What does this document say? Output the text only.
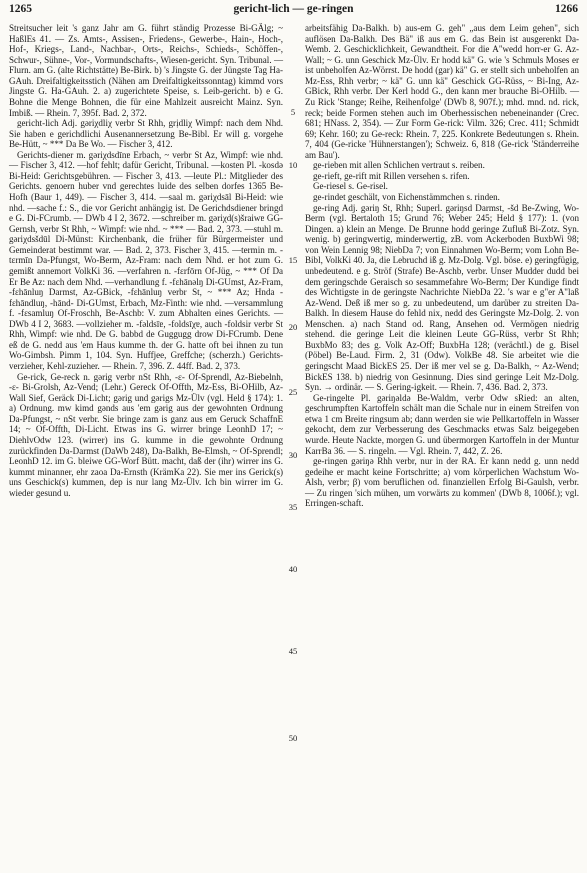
1265	gericht-lich — ge-ringen	1266

Streitsucher leit 's ganz Jahr am G. führt ständig Prozesse Bi-GÄlg; ~ HaßlEs 41. — Zs. Amts-, Assisen-, Friedens-, Gewerbe-, Hain-, Hoch-, Hof-, Kriegs-, Land-, Nachbar-, Orts-, Reichs-, Schieds-, Schöffen-, Schwur-, Sühne-, Vor-, Vormundschafts-, Wiesen-gericht. Syn. Tribunal. — Flurn. am G. (alte Richtstätte) Be-Birk. b) 's Jingste G. der Jüngste Tag Ha-GAuh. Dreifaltigkeitsstich (Nähen am Dreifaltigkeitssonntag) kimmd vors Jingste G. Ha-GAuh. 2. a) zugerichtete Speise, s. Leib-gericht. b) e G. Bohne die Menge Bohnen, die für eine Mahlzeit ausreicht Mainz. Syn. Imbiß. — Rhein. 7, 395f. Bad. 2, 372.

gericht-lich Adj. gəriχdliχ verbr St Rhh, grịdliχ Wimpf: nach dem Nhd. Sie haben e gerichdlichi Ausenannersetzung Be-Bibl. Er will g. vorgehe Be-Hütt, ~ *** Da Be Wo. — Fischer 3, 412.

Gerichts-diener m. gəriχdsdīnɐ Erbach, ~ verbr St Az, Wimpf: wie nhd. — Fischer 3, 412. —hof fehlt; dafür Gericht, Tribunal. —kosten Pl. -kosdə Bi-Heid: Gerichtsgebühren. — Fischer 3, 413. —leute Pl.: Mitglieder des Gerichts. genoern huber vnd gerechtes luide des selben dorfes 1365 Be-Hofh (Baur 1, 449). — Fischer 3, 414. —saal m. gəriχdsāl Bi-Heid: wie nhd. —sache f.: S., die vor Gericht anhängig ist. De Gerichdsdiener bringd e G. Di-FCrumb. — DWb 4 I 2, 3672. —schreiber m. gəriχd(s)šraiwɐ GG-Gernsh, verbr St Rhh, ~ Wimpf: wie nhd. ~ *** — Bad. 2, 373. —stuhl m. gəriχdsšdūl Di-Münst: Kirchenbank, die früher für Bürgermeister und Gemeinderat bestimmt war. — Bad. 2, 373. Fischer 3, 415. —termin m. -tεrmīn Da-Pfungst, Wo-Berm, Az-Fram: nach dem Nhd. er hot zum G. gemißt annemort VolkKi 36. —verfahren n. -fεrfōrn Of-Jüg, ~ *** Of Da Er Be Az: nach dem Nhd. —verhandlung f. -fεhānəlŋ Di-GUmst, Az-Fram, -fεhānluŋ Darmst, Az-GBick, -fεhānluŋ verbr St, ~ *** Az; Hnda -fεhāndluŋ, -hānd- Di-GUmst, Erbach, Mz-Finth: wie nhd. —versammlung f. -fεsamluŋ Of-Froschh, Be-Aschb: V. zum Abhalten eines Gerichts. — DWb 4 I 2, 3683. —vollzieher m. -fəldsīɐ, -foldsīχɐ, auch -foldsir verbr St Rhh, Wimpf: wie nhd. De G. babbd de Guggugg drow Di-FCrumb. Dene eß de G. nedd aus 'em Haus kumme th. der G. hatte oft bei ihnen zu tun Wo-Gimbsh. Pimm 1, 104. Syn. Huffjee, Greffche; (scherzh.) Gerichts-verzieher, Kehl-zuzieher. — Rhein. 7, 396. Z. 44ff. Bad. 2, 373.

Ge-rick, Ge-reck n. gərig verbr nSt Rhh, -ε- Of-Sprendl, Az-Biebelnh, -ε- Bi-Grolsh, Az-Vend; (Lehr.) Gereck Of-Offth, Mz-Ess, Bi-OHilb, Az-Wall Sief, Geräck Di-Licht; gərig und gərigs Mz-Ülv (vgl. Held § 174): 1. a) Ordnung. mw kimd gənds aus 'em gərig aus der gewohnten Ordnung Da-Pfungst, ~ nSt verbr. Sie bringe zam is ganz aus em Geruck SchaffnE 14; ~ Of-Offth, Di-Licht. Etwas ins G. wirrer bringe LeonhD 17; ~ DiehlvOdw 123. (wirrer) ins G. kumme in die gewohnte Ordnung zurückfinden Da-Darmst (DaWb 248), Da-Balkh, Be-Elmsh, ~ Of-Sprendl; LeonhD 12. im G. bleiwe GG-Worf Bütt. macht, daß der (ihr) wirrer ins G. kummt minanner, ehr zaoa Da-Ernsth (KrämKa 22). Sie mer ins Gerick(s) uns Geschick(s) kummen, dep is nur lang Mz-Ülv. Ich bin wirrer im G. wieder gesund u.

5
10
15
20
25
30
35
40
45
50

arbeitsfähig Da-Balkh. b) aus-em G. geh" „aus dem Leim gehen", sich auflösen Da-Balkh. Des Bä" iß aus em G. das Bein ist ausgerenkt Da-Wemb. 2. Geschicklichkeit, Gewandtheit. For die A"wedd horr-er G. Az-Wall; ~ G. unn Geschick Mz-Ülv. Er hodd kä" G. wie 's Schmuls Moses er ist unbeholfen Az-Wörrst. De hodd (gar) kä" G. er stellt sich unbeholfen an Mz-Ess, Rhh verbr; ~ kä" G. unn kä" Geschick GG-Rüss, ~ Bi-Ing, Az-GBick, Rhh verbr. Der Kerl hodd G., den kann mer brauche Bi-OHilb. — Zu Rick 'Stange; Reihe, Reihenfolge' (DWb 8, 907f.); mhd. mnd. nd. rick, reck; beide Formen stehen auch im Oberhessischen nebeneinander (Crec. 681; HNass. 2, 354). — Zur Form Ge-rick: Vilm. 326; Crec. 411; Schmidt 69; Kehr. 160; zu Ge-reck: Rhein. 7, 225. Konkrete Bedeutungen s. Rhein. 7, 404 (Ge-ricke 'Hühnerstangen'); Schweiz. 6, 818 (Ge-rick 'Ständerreihe am Bau').

ge-rieben mit allen Schlichen vertraut s. reiben.

ge-rieft, ge-rift mit Rillen versehen s. rifen.

Ge-riesel s. Ge-risel.

ge-rindet geschält, von Eichenstämmchen s. rinden.

ge-ring Adj. gəriŋ St, Rhh; Superl. gəriŋsd Darmst, -šd Be-Zwing, Wo-Berm (vgl. Bertaloth 15; Grund 76; Weber 245; Held § 177): 1. (von Dingen. a) klein an Menge. De Brunne hodd geringe Zufluß Bi-Zotz. Syn. wenig. b) geringwertig, minderwertig, zB. vom Ackerboden BuxbWi 98; von Wein Lennig 98; NiebDa 7; von Einnahmen Wo-Berm; vom Lohn Be-Bibl, VolkKi 40. Ja, die Lebruchd iß g. Mz-Dolg. Vgl. böse. e) geringfügig, unbedeutend. e g. Ströf (Strafe) Be-Aschb, verbr. Unser Mudder dudd bei dem geringschde Geraisch so sesammefahre Wo-Berm; Der Kundige findt des Wichtigste in de geringste Nachrichte NiebDa 22. 's war e g"er A"laß Az-Wend. Deß iß mer so g. zu unbedeutend, um darüber zu streiten Da-Balkh. In diesem Hause do fehld nix, nedd des Geringste Mz-Dolg. 2. von Menschen. a) nach Stand od. Rang, Ansehen od. Vermögen niedrig stehend. die geringe Leit die kleinen Leute GG-Rüss, verbr St Rhh; BuxbMo 83; des g. Volk Az-Off; BuxbHa 128; (verächtl.) de g. Bisel (Pöbel) Be-Laud. Firm. 2, 31 (Odw). VolkBe 48. Sie arbeitet wie die geringscht Maad BickES 25. Der iß mer vel se g. Da-Balkh, ~ Az-Wend; BickES 138. b) niedrig von Gesinnung. Dies sind geringe Leit Mz-Dolg. Syn. → ordinär. — S. Gering-igkeit. — Rhein. 7, 436. Bad. 2, 373.

Ge-ringelte Pl. gəriŋəldə Be-Waldm, verbr Odw sRied: an alten, geschrumpften Kartoffeln schält man die Schale nur in einem Streifen von etwa 1 cm Breite ringsum ab; dann werden sie wie Pellkartoffeln in Wasser gekocht, dem zur Verbesserung des Geschmacks etwas Salz beigegeben wurde. Heute Nackte, morgen G. und übermorgen Kartoffeln in der Muntur KarrBa 36. — S. ringeln. — Vgl. Rhein. 7, 442, Z. 26.

ge-ringen gəriŋə Rhh verbr, nur in der RA. Er kann nedd g. unn nedd gedeihe er macht keine Fortschritte; a) vom körperlichen Wachstum Wo-Alsh, verbr; β) vom beruflichen od. finanziellen Erfolg Bi-Gaulsh, verbr. — Zu ringen 'sich mühen, um vorwärts zu kommen' (DWb 8, 1006f.); vgl. Erringen-schaft.
